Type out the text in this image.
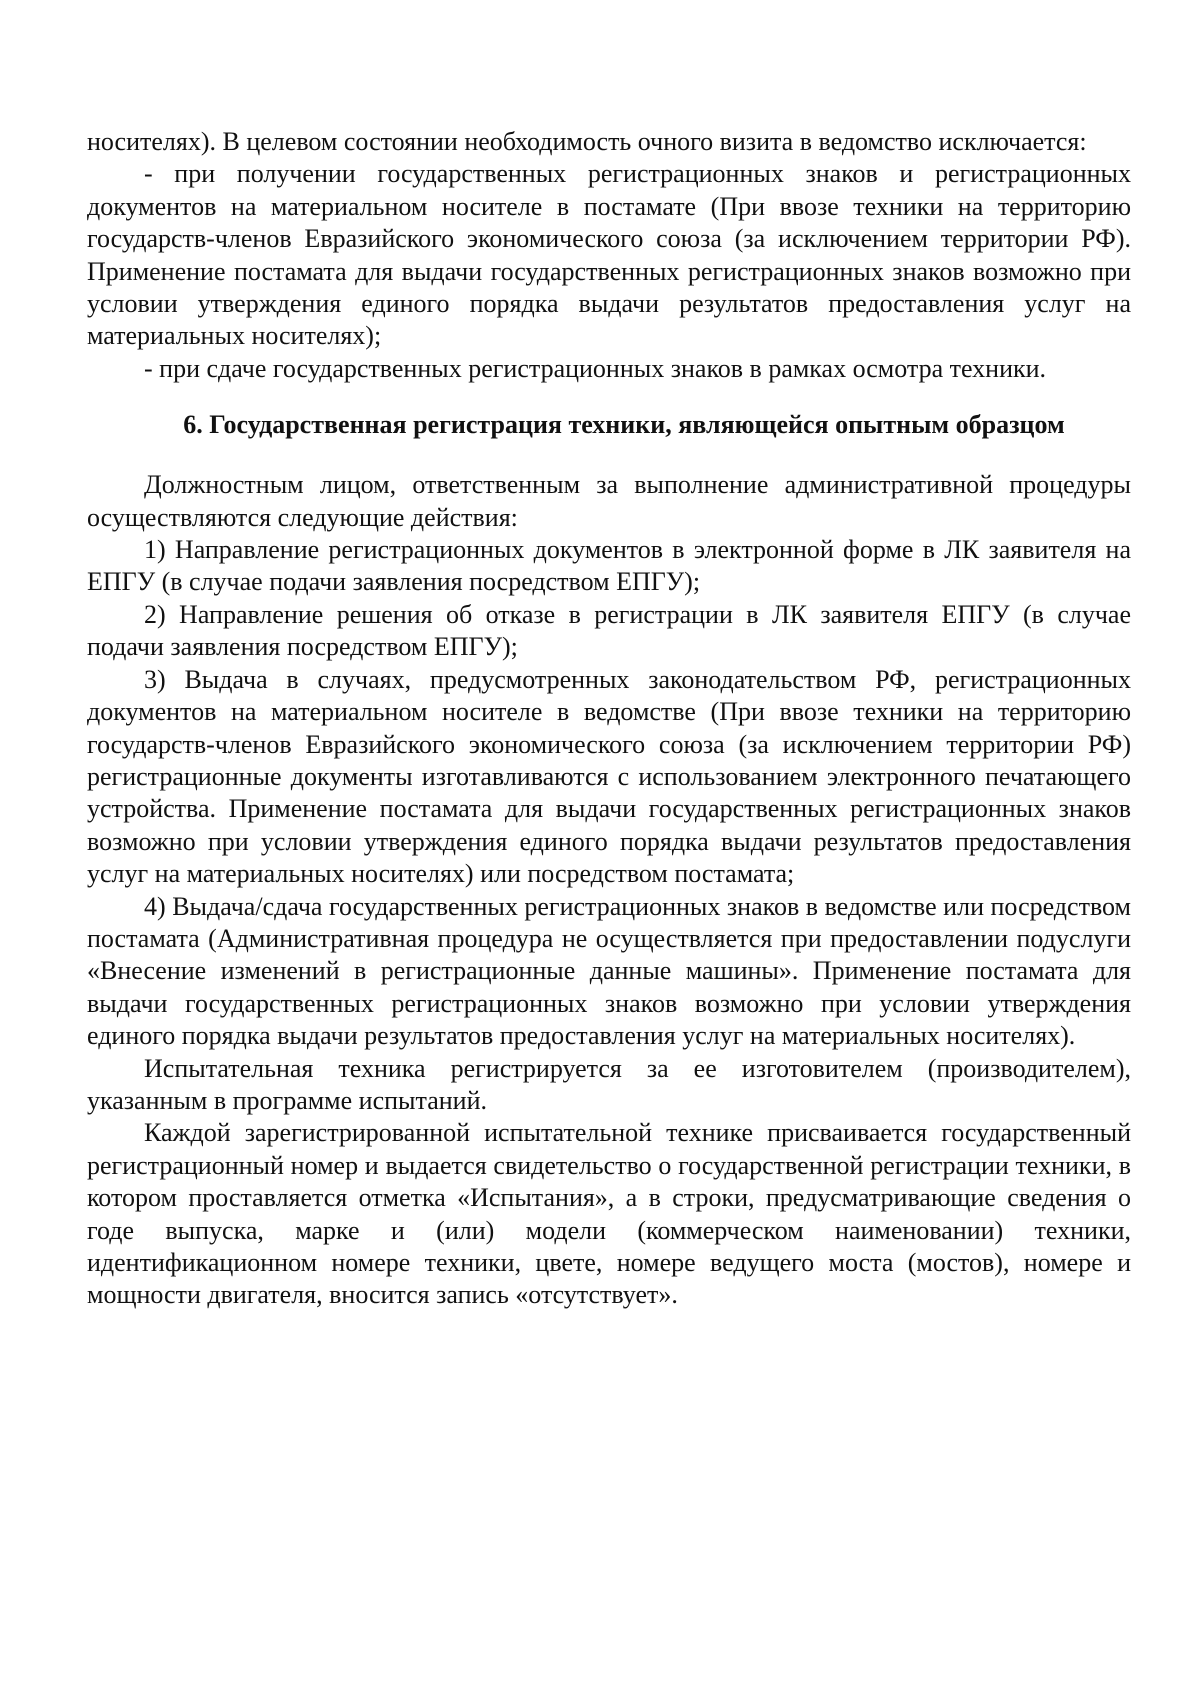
носителях). В целевом состоянии необходимость очного визита в ведомство исключается:

- при получении государственных регистрационных знаков и регистрационных документов на материальном носителе в постамате (При ввозе техники на территорию государств-членов Евразийского экономического союза (за исключением территории РФ). Применение постамата для выдачи государственных регистрационных знаков возможно при условии утверждения единого порядка выдачи результатов предоставления услуг на материальных носителях);

- при сдаче государственных регистрационных знаков в рамках осмотра техники.

6. Государственная регистрация техники, являющейся опытным образцом

Должностным лицом, ответственным за выполнение административной процедуры осуществляются следующие действия:

1) Направление регистрационных документов в электронной форме в ЛК заявителя на ЕПГУ (в случае подачи заявления посредством ЕПГУ);

2) Направление решения об отказе в регистрации в ЛК заявителя ЕПГУ (в случае подачи заявления посредством ЕПГУ);

3) Выдача в случаях, предусмотренных законодательством РФ, регистрационных документов на материальном носителе в ведомстве (При ввозе техники на территорию государств-членов Евразийского экономического союза (за исключением территории РФ) регистрационные документы изготавливаются с использованием электронного печатающего устройства. Применение постамата для выдачи государственных регистрационных знаков возможно при условии утверждения единого порядка выдачи результатов предоставления услуг на материальных носителях) или посредством постамата;

4) Выдача/сдача государственных регистрационных знаков в ведомстве или посредством постамата (Административная процедура не осуществляется при предоставлении подуслуги «Внесение изменений в регистрационные данные машины». Применение постамата для выдачи государственных регистрационных знаков возможно при условии утверждения единого порядка выдачи результатов предоставления услуг на материальных носителях).

Испытательная техника регистрируется за ее изготовителем (производителем), указанным в программе испытаний.

Каждой зарегистрированной испытательной технике присваивается государственный регистрационный номер и выдается свидетельство о государственной регистрации техники, в котором проставляется отметка «Испытания», а в строки, предусматривающие сведения о годе выпуска, марке и (или) модели (коммерческом наименовании) техники, идентификационном номере техники, цвете, номере ведущего моста (мостов), номере и мощности двигателя, вносится запись «отсутствует».
